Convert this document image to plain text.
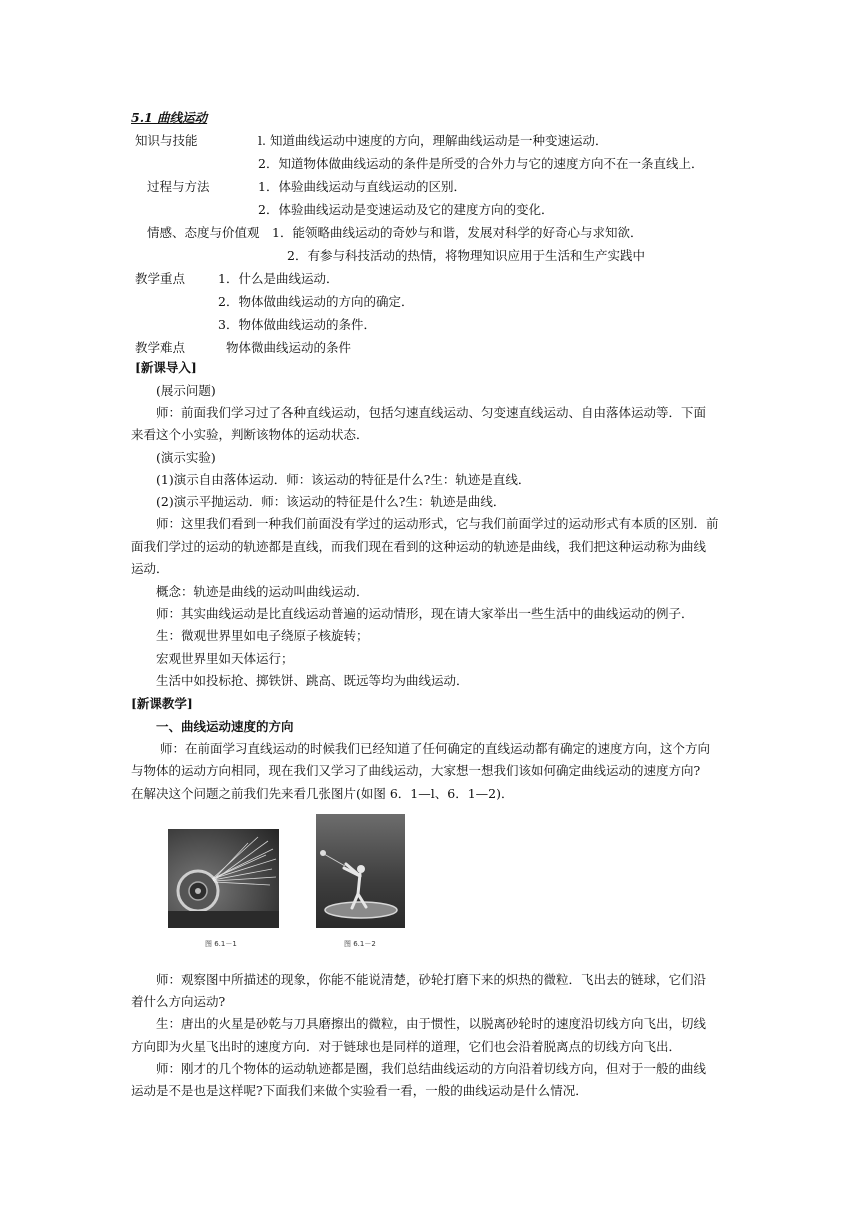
5.1 曲线运动
知识与技能	l. 知道曲线运动中速度的方向，理解曲线运动是一种变速运动．
2．知道物体做曲线运动的条件是所受的合外力与它的速度方向不在一条直线上．
过程与方法	1．体验曲线运动与直线运动的区别．
2．体验曲线运动是变速运动及它的建度方向的变化．
情感、态度与价值观 1．能领略曲线运动的奇妙与和谐，发展对科学的好奇心与求知欲．
2．有参与科技活动的热情，将物理知识应用于生活和生产实践中
教学重点	1．什么是曲线运动．
2．物体做曲线运动的方向的确定．
3．物体做曲线运动的条件．
教学难点	物体微曲线运动的条件
[新课导入]
(展示问题)
师：前面我们学习过了各种直线运动，包括匀速直线运动、匀变速直线运动、自由落体运动等．下面
来看这个小实验，判断该物体的运动状态．
(演示实验)
(1)演示自由落体运动．师：该运动的特征是什么?生：轨迹是直线．
(2)演示平抛运动．师：该运动的特征是什么?生：轨迹是曲线．
师：这里我们看到一种我们前面没有学过的运动形式，它与我们前面学过的运动形式有本质的区别．前
面我们学过的运动的轨迹都是直线，而我们现在看到的这种运动的轨迹是曲线，我们把这种运动称为曲线
运动．
概念：轨迹是曲线的运动叫曲线运动．
师：其实曲线运动是比直线运动普遍的运动情形，现在请大家举出一些生活中的曲线运动的例子．
生：微观世界里如电子绕原子核旋转；
宏观世界里如天体运行；
生活中如投标抢、掷铁饼、跳高、既远等均为曲线运动．
[新课教学]
一、曲线运动速度的方向
师：在前面学习直线运动的时候我们已经知道了任何确定的直线运动都有确定的速度方向，这个方向
与物体的运动方向相同，现在我们又学习了曲线运动，大家想一想我们该如何确定曲线运动的速度方向?
在解决这个问题之前我们先来看几张图片(如图 6．1—l、6．1—2)．
图 6.1－1	图 6.1－2
师：观察图中所描述的现象，你能不能说清楚，砂轮打磨下来的炽热的微粒．飞出去的链球，它们沿
着什么方向运动?
生：唐出的火星是砂乾与刀具磨擦出的微粒，由于惯性，以脱离砂轮时的速度沿切线方向飞出，切线
方向即为火星飞出时的速度方向．对于链球也是同样的道理，它们也会沿着脱离点的切线方向飞出．
师：刚才的几个物体的运动轨迹都是圈，我们总结曲线运动的方向沿着切线方向，但对于一般的曲线
运动是不是也是这样呢?下面我们来做个实验看一看，一般的曲线运动是什么情况．
